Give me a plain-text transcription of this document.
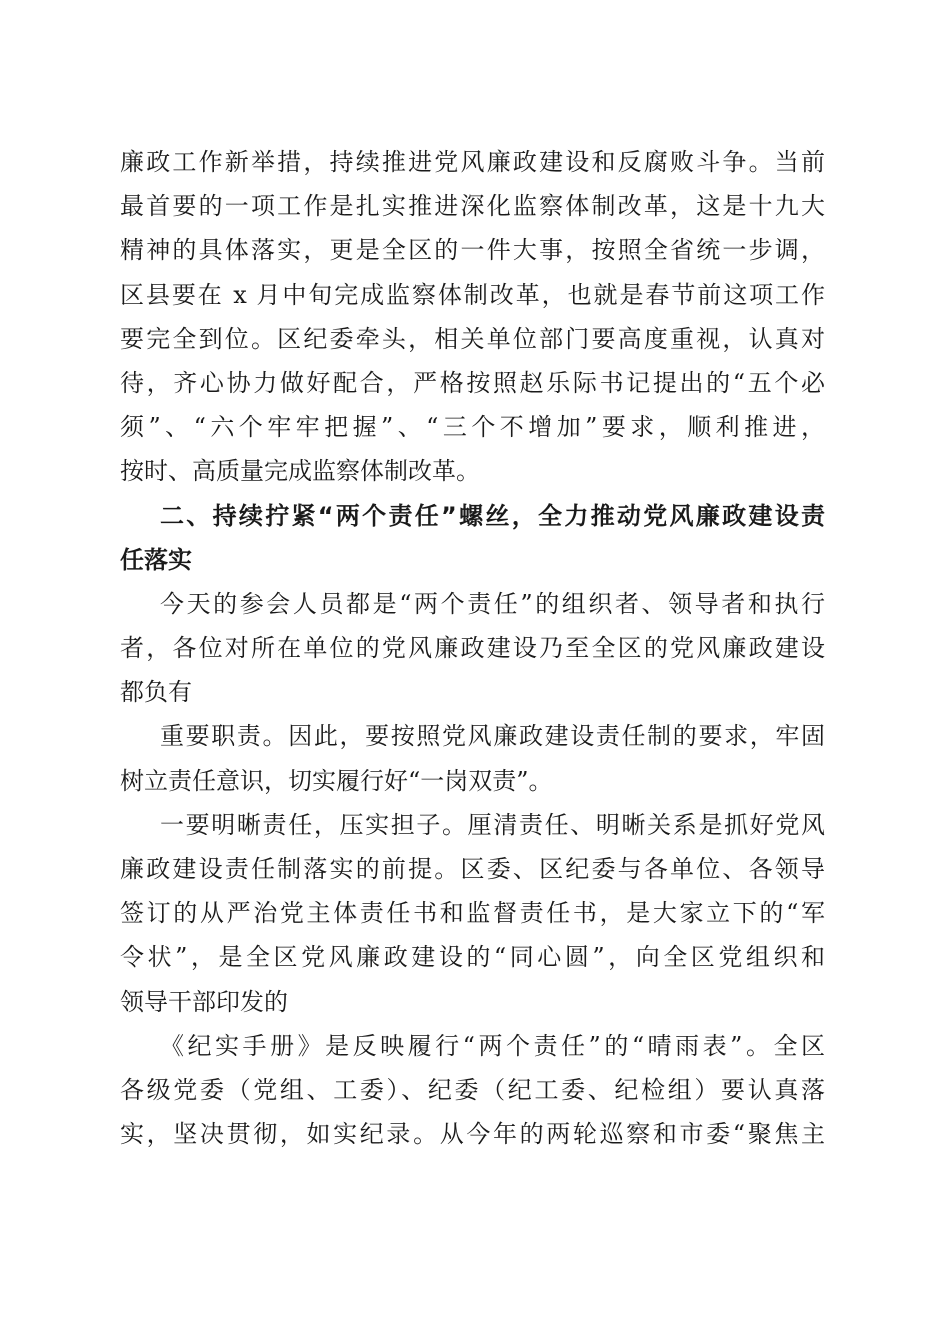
廉政工作新举措，持续推进党风廉政建设和反腐败斗争。当前
最首要的一项工作是扎实推进深化监察体制改革，这是十九大
精神的具体落实，更是全区的一件大事，按照全省统一步调，
区县要在 x 月中旬完成监察体制改革，也就是春节前这项工作
要完全到位。区纪委牵头，相关单位部门要高度重视，认真对
待，齐心协力做好配合，严格按照赵乐际书记提出的“五个必
须”、“六个牢牢把握”、“三个不增加”要求，顺利推进，
按时、高质量完成监察体制改革。
二、持续拧紧“两个责任”螺丝，全力推动党风廉政建设责
任落实
今天的参会人员都是“两个责任”的组织者、领导者和执行
者，各位对所在单位的党风廉政建设乃至全区的党风廉政建设
都负有
重要职责。因此，要按照党风廉政建设责任制的要求，牢固
树立责任意识，切实履行好“一岗双责”。
一要明晰责任，压实担子。厘清责任、明晰关系是抓好党风
廉政建设责任制落实的前提。区委、区纪委与各单位、各领导
签订的从严治党主体责任书和监督责任书，是大家立下的“军
令状”，是全区党风廉政建设的“同心圆”，向全区党组织和
领导干部印发的
《纪实手册》是反映履行“两个责任”的“晴雨表”。全区
各级党委（党组、工委）、纪委（纪工委、纪检组）要认真落
实，坚决贯彻，如实纪录。从今年的两轮巡察和市委“聚焦主
